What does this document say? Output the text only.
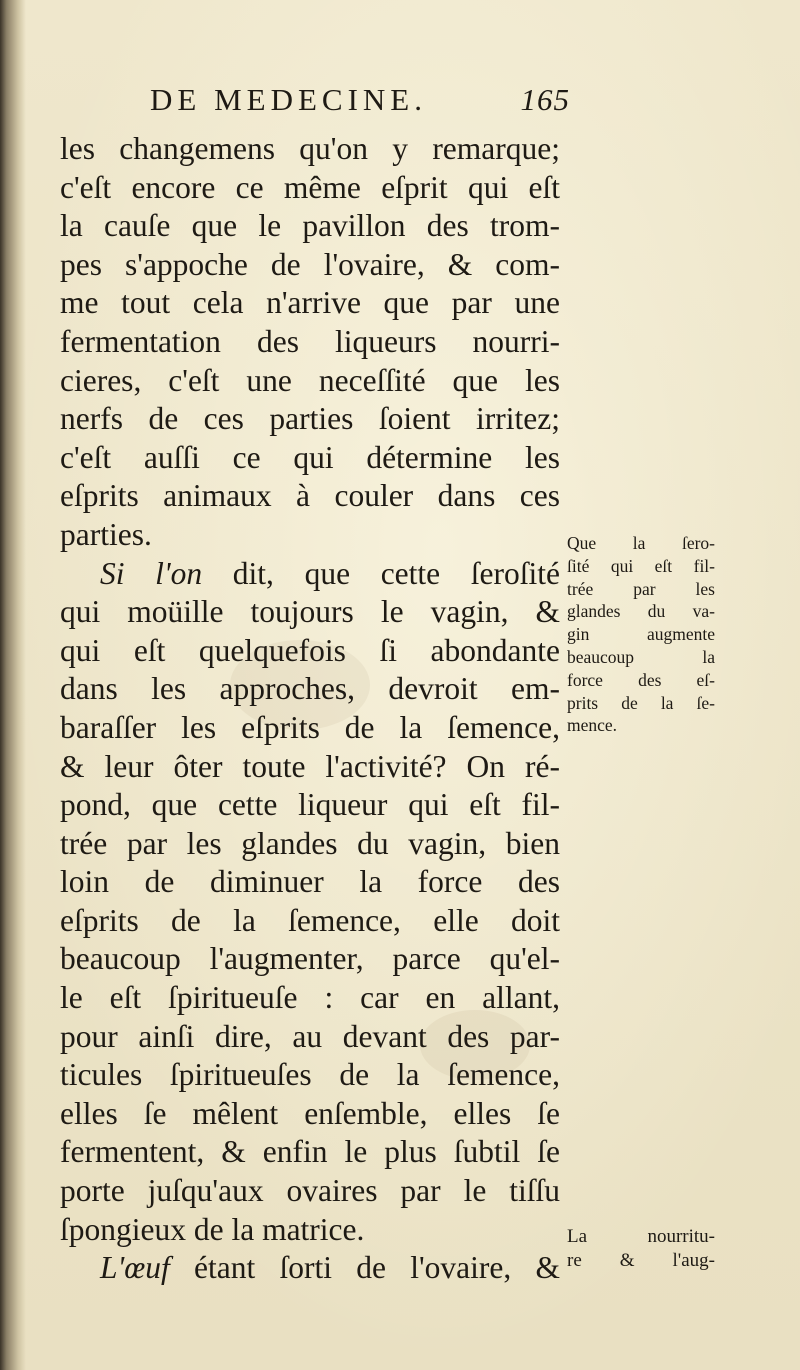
DE MEDECINE.	165
les changemens qu'on y remarque;
c'eſt encore ce même eſprit qui eſt
la cauſe que le pavillon des trom-
pes s'appoche de l'ovaire, & com-
me tout cela n'arrive que par une
fermentation des liqueurs nourri-
cieres, c'eſt une neceſſité que les
nerfs de ces parties ſoient irritez;
c'eſt auſſi ce qui détermine les
eſprits animaux à couler dans ces
parties.
Si l'on dit, que cette ſeroſité
qui moüille toujours le vagin, &
qui eſt quelquefois ſi abondante
dans les approches, devroit em-
baraſſer les eſprits de la ſemence,
& leur ôter toute l'activité? On ré-
pond, que cette liqueur qui eſt fil-
trée par les glandes du vagin, bien
loin de diminuer la force des
eſprits de la ſemence, elle doit
beaucoup l'augmenter, parce qu'el-
le eſt ſpiritueuſe : car en allant,
pour ainſi dire, au devant des par-
ticules ſpiritueuſes de la ſemence,
elles ſe mêlent enſemble, elles ſe
fermentent, & enfin le plus ſubtil ſe
porte juſqu'aux ovaires par le tiſſu
ſpongieux de la matrice.
L'œuf étant ſorti de l'ovaire, &
Que la ſero-
ſité qui eſt fil-
trée par les
glandes du va-
gin augmente
beaucoup la
force des eſ-
prits de la ſe-
mence.
La nourritu-
re & l'aug-
